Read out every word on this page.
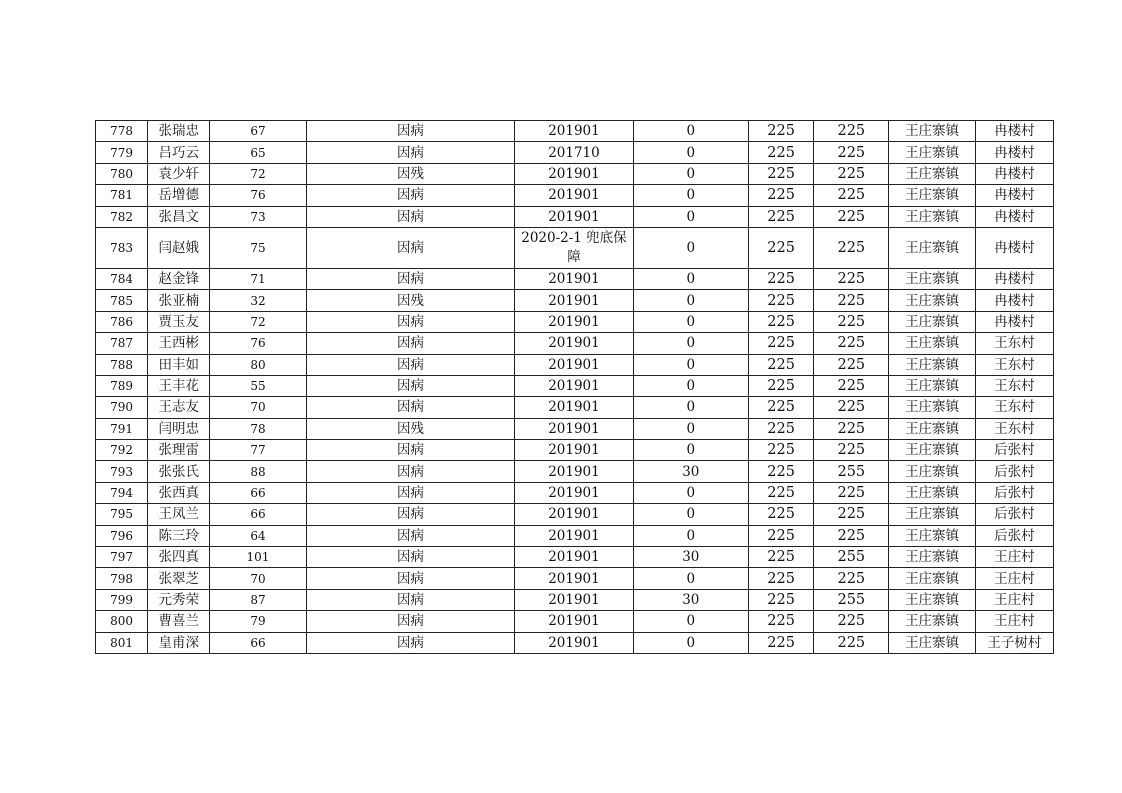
778	张瑞忠	67	因病	201901	0	225	225	王庄寨镇	冉楼村
779	吕巧云	65	因病	201710	0	225	225	王庄寨镇	冉楼村
780	袁少轩	72	因残	201901	0	225	225	王庄寨镇	冉楼村
781	岳增德	76	因病	201901	0	225	225	王庄寨镇	冉楼村
782	张昌文	73	因病	201901	0	225	225	王庄寨镇	冉楼村
783	闫赵娥	75	因病	2020-2-1 兜底保障	0	225	225	王庄寨镇	冉楼村
784	赵金锋	71	因病	201901	0	225	225	王庄寨镇	冉楼村
785	张亚楠	32	因残	201901	0	225	225	王庄寨镇	冉楼村
786	贾玉友	72	因病	201901	0	225	225	王庄寨镇	冉楼村
787	王西彬	76	因病	201901	0	225	225	王庄寨镇	王东村
788	田丰如	80	因病	201901	0	225	225	王庄寨镇	王东村
789	王丰花	55	因病	201901	0	225	225	王庄寨镇	王东村
790	王志友	70	因病	201901	0	225	225	王庄寨镇	王东村
791	闫明忠	78	因残	201901	0	225	225	王庄寨镇	王东村
792	张理雷	77	因病	201901	0	225	225	王庄寨镇	后张村
793	张张氏	88	因病	201901	30	225	255	王庄寨镇	后张村
794	张西真	66	因病	201901	0	225	225	王庄寨镇	后张村
795	王凤兰	66	因病	201901	0	225	225	王庄寨镇	后张村
796	陈三玲	64	因病	201901	0	225	225	王庄寨镇	后张村
797	张四真	101	因病	201901	30	225	255	王庄寨镇	王庄村
798	张翠芝	70	因病	201901	0	225	225	王庄寨镇	王庄村
799	元秀荣	87	因病	201901	30	225	255	王庄寨镇	王庄村
800	曹喜兰	79	因病	201901	0	225	225	王庄寨镇	王庄村
801	皇甫深	66	因病	201901	0	225	225	王庄寨镇	王子树村
